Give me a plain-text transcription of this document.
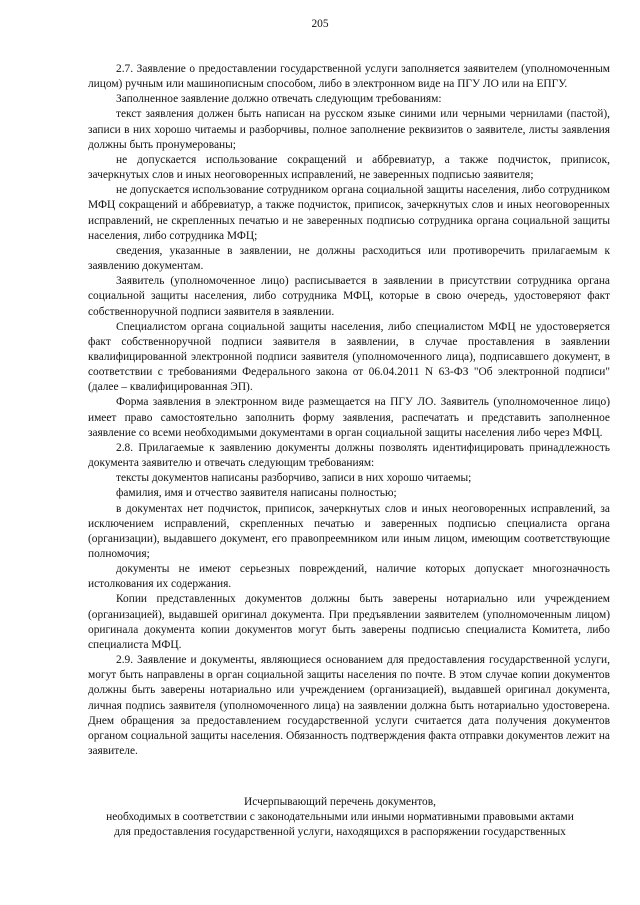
205

2.7. Заявление о предоставлении государственной услуги заполняется заявителем (уполномоченным лицом) ручным или машинописным способом, либо в электронном виде на ПГУ ЛО или на ЕПГУ.

Заполненное заявление должно отвечать следующим требованиям:

текст заявления должен быть написан на русском языке синими или черными чернилами (пастой), записи в них хорошо читаемы и разборчивы, полное заполнение реквизитов о заявителе, листы заявления должны быть пронумерованы;

не допускается использование сокращений и аббревиатур, а также подчисток, приписок, зачеркнутых слов и иных неоговоренных исправлений, не заверенных подписью заявителя;

не допускается использование сотрудником органа социальной защиты населения, либо сотрудником МФЦ сокращений и аббревиатур, а также подчисток, приписок, зачеркнутых слов и иных неоговоренных исправлений, не скрепленных печатью и не заверенных подписью сотрудника органа социальной защиты населения, либо сотрудника МФЦ;

сведения, указанные в заявлении, не должны расходиться или противоречить прилагаемым к заявлению документам.

Заявитель (уполномоченное лицо) расписывается в заявлении в присутствии сотрудника органа социальной защиты населения, либо сотрудника МФЦ, которые в свою очередь, удостоверяют факт собственноручной подписи заявителя в заявлении.

Специалистом органа социальной защиты населения, либо специалистом МФЦ не удостоверяется факт собственноручной подписи заявителя в заявлении, в случае проставления в заявлении квалифицированной электронной подписи заявителя (уполномоченного лица), подписавшего документ, в соответствии с требованиями Федерального закона от 06.04.2011 N 63-ФЗ "Об электронной подписи" (далее – квалифицированная ЭП).

Форма заявления в электронном виде размещается на ПГУ ЛО. Заявитель (уполномоченное лицо) имеет право самостоятельно заполнить форму заявления, распечатать и представить заполненное заявление со всеми необходимыми документами в орган социальной защиты населения либо через МФЦ.

2.8. Прилагаемые к заявлению документы должны позволять идентифицировать принадлежность документа заявителю и отвечать следующим требованиям:

тексты документов написаны разборчиво, записи в них хорошо читаемы;

фамилия, имя и отчество заявителя написаны полностью;

в документах нет подчисток, приписок, зачеркнутых слов и иных неоговоренных исправлений, за исключением исправлений, скрепленных печатью и заверенных подписью специалиста органа (организации), выдавшего документ, его правопреемником или иным лицом, имеющим соответствующие полномочия;

документы не имеют серьезных повреждений, наличие которых допускает многозначность истолкования их содержания.

Копии представленных документов должны быть заверены нотариально или учреждением (организацией), выдавшей оригинал документа. При предъявлении заявителем (уполномоченным лицом) оригинала документа копии документов могут быть заверены подписью специалиста Комитета, либо специалиста МФЦ.

2.9. Заявление и документы, являющиеся основанием для предоставления государственной услуги, могут быть направлены в орган социальной защиты населения по почте. В этом случае копии документов должны быть заверены нотариально или учреждением (организацией), выдавшей оригинал документа, личная подпись заявителя (уполномоченного лица) на заявлении должна быть нотариально удостоверена. Днем обращения за предоставлением государственной услуги считается дата получения документов органом социальной защиты населения. Обязанность подтверждения факта отправки документов лежит на заявителе.

Исчерпывающий перечень документов,
необходимых в соответствии с законодательными или иными нормативными правовыми актами
для предоставления государственной услуги, находящихся в распоряжении государственных
